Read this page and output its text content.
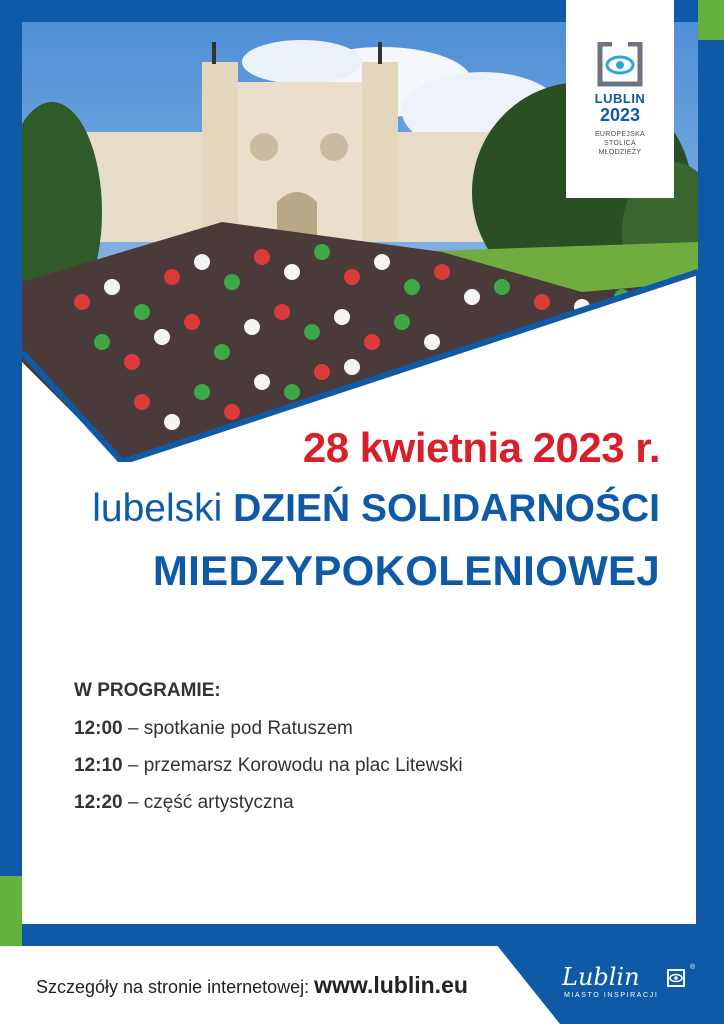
LUBLIN
2023
EUROPEJSKA
STOLICA
MŁODZIEŻY
28 kwietnia 2023 r.
lubelski DZIEŃ SOLIDARNOŚCI
MIEDZYPOKOLENIOWEJ
W PROGRAMIE:
12:00 – spotkanie pod Ratuszem
12:10 – przemarsz Korowodu na plac Litewski
12:20 – część artystyczna
Szczegóły na stronie internetowej: www.lublin.eu	Lublin	®
MIASTO INSPIRACJI
